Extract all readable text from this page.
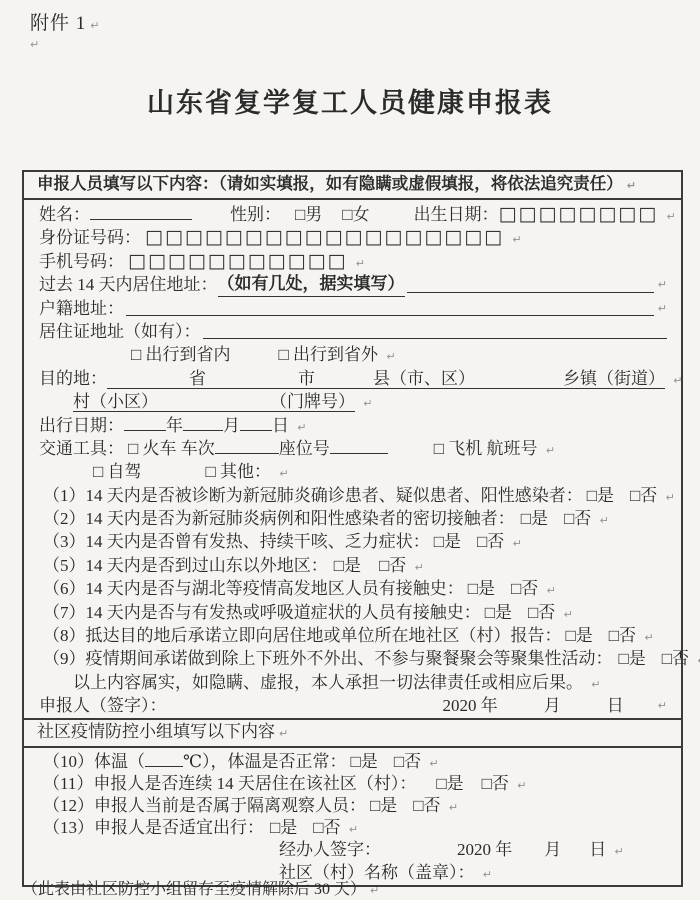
附件 1 ↵
↵
山东省复学复工人员健康申报表
申报人员填写以下内容：（请如实填报，如有隐瞒或虚假填报，将依法追究责任） ↵
姓名：	性别： □男 □女	出生日期：□□□□□□□□ ↵
身份证号码： □□□□□□□□□□□□□□□□□□ ↵
手机号码： □□□□□□□□□□□ ↵
过去 14 天内居住地址： （如有几处，据实填写）
↵
户籍地址：
↵
居住证地址（如有）：
□ 出行到省内	□ 出行到省外 ↵
目的地：	省	市	县（市、区）	乡镇（街道） ↵
村（小区）	（门牌号） ↵
出行日期： 年 月 日 ↵
交通工具： □ 火车 车次	座位号	□ 飞机 航班号 ↵
□ 自驾	□ 其他： ↵
（1）14 天内是否被诊断为新冠肺炎确诊患者、疑似患者、阳性感染者： □是 □否 ↵
（2）14 天内是否为新冠肺炎病例和阳性感染者的密切接触者： □是 □否 ↵
（3）14 天内是否曾有发热、持续干咳、乏力症状： □是 □否 ↵
（5）14 天内是否到过山东以外地区： □是 □否 ↵
（6）14 天内是否与湖北等疫情高发地区人员有接触史： □是 □否 ↵
（7）14 天内是否与有发热或呼吸道症状的人员有接触史： □是 □否 ↵
（8）抵达目的地后承诺立即向居住地或单位所在地社区（村）报告： □是 □否 ↵
（9）疫情期间承诺做到除上下班外不外出、不参与聚餐聚会等聚集性活动： □是 □否 ↵
以上内容属实，如隐瞒、虚报，本人承担一切法律责任或相应后果。 ↵
申报人（签字）：	2020 年	月	日
↵
社区疫情防控小组填写以下内容 ↵
（10）体温（ ℃），体温是否正常： □是 □否 ↵
（11）申报人是否连续 14 天居住在该社区（村）： □是 □否 ↵
（12）申报人当前是否属于隔离观察人员： □是 □否 ↵
（13）申报人是否适宜出行： □是 □否 ↵
经办人签字：	2020 年 月 日 ↵
社区（村）名称（盖章）： ↵
（此表由社区防控小组留存至疫情解除后 30 天） ↵
